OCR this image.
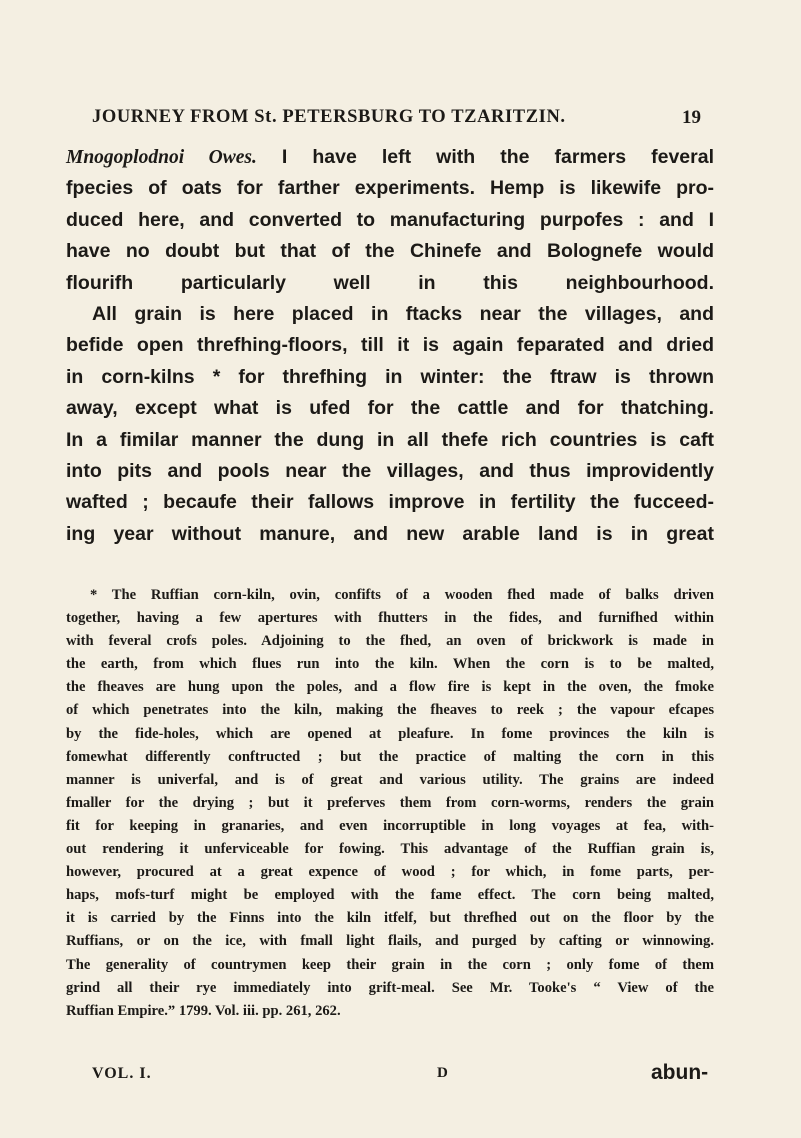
JOURNEY FROM St. PETERSBURG TO TZARITZIN.	19
Mnogoplodnoi Owes. I have left with the farmers feveral
fpecies of oats for farther experiments. Hemp is likewife pro-
duced here, and converted to manufacturing purpofes : and I
have no doubt but that of the Chinefe and Bolognefe would
flourifh particularly well in this neighbourhood.
All grain is here placed in ftacks near the villages, and
befide open threfhing-floors, till it is again feparated and dried
in corn-kilns * for threfhing in winter: the ftraw is thrown
away, except what is ufed for the cattle and for thatching.
In a fimilar manner the dung in all thefe rich countries is caft
into pits and pools near the villages, and thus improvidently
wafted ; becaufe their fallows improve in fertility the fucceed-
ing year without manure, and new arable land is in great
* The Ruffian corn-kiln, ovin, confifts of a wooden fhed made of balks driven
together, having a few apertures with fhutters in the fides, and furnifhed within
with feveral crofs poles. Adjoining to the fhed, an oven of brickwork is made in
the earth, from which flues run into the kiln. When the corn is to be malted,
the fheaves are hung upon the poles, and a flow fire is kept in the oven, the fmoke
of which penetrates into the kiln, making the fheaves to reek ; the vapour efcapes
by the fide-holes, which are opened at pleafure. In fome provinces the kiln is
fomewhat differently conftructed ; but the practice of malting the corn in this
manner is univerfal, and is of great and various utility. The grains are indeed
fmaller for the drying ; but it preferves them from corn-worms, renders the grain
fit for keeping in granaries, and even incorruptible in long voyages at fea, with-
out rendering it unferviceable for fowing. This advantage of the Ruffian grain is,
however, procured at a great expence of wood ; for which, in fome parts, per-
haps, mofs-turf might be employed with the fame effect. The corn being malted,
it is carried by the Finns into the kiln itfelf, but threfhed out on the floor by the
Ruffians, or on the ice, with fmall light flails, and purged by cafting or winnowing.
The generality of countrymen keep their grain in the corn ; only fome of them
grind all their rye immediately into grift-meal. See Mr. Tooke's “ View of the
Ruffian Empire.” 1799. Vol. iii. pp. 261, 262.
VOL. I.	D	abun-
